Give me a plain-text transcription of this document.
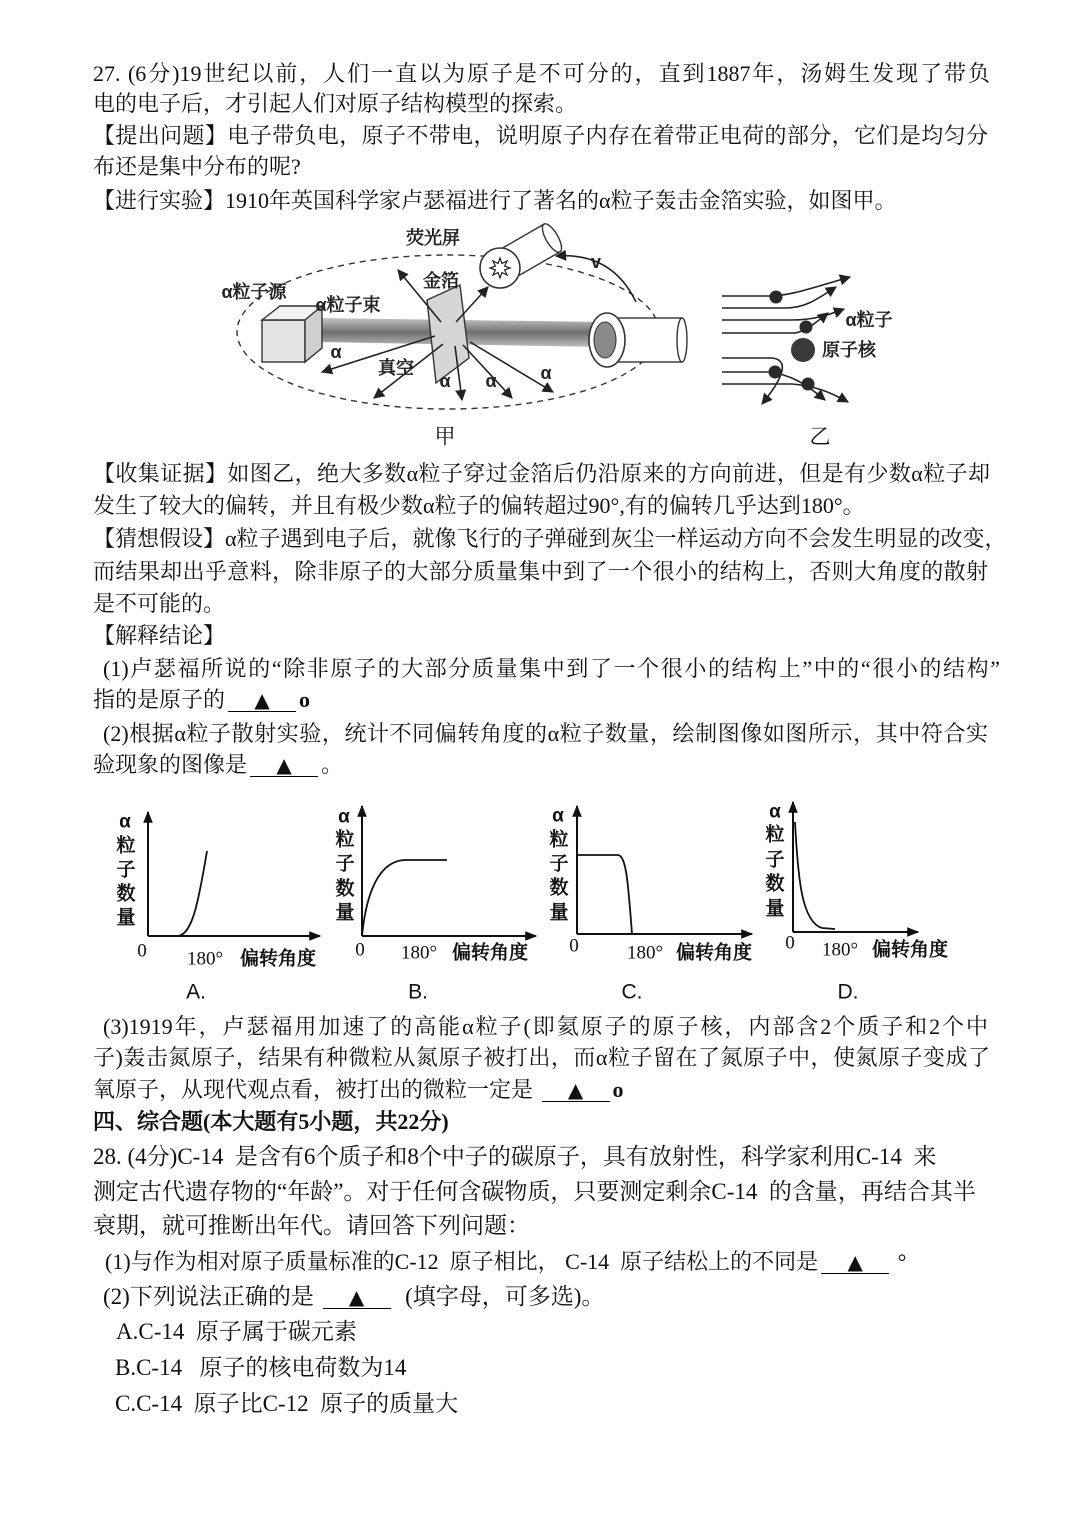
27. (6分)19世纪以前，人们一直以为原子是不可分的，直到1887年，汤姆生发现了带负
电的电子后，才引起人们对原子结构模型的探索。
【提出问题】电子带负电，原子不带电，说明原子内存在着带正电荷的部分，它们是均匀分
布还是集中分布的呢?
【进行实验】1910年英国科学家卢瑟福进行了著名的α粒子轰击金箔实验，如图甲。
【收集证据】如图乙，绝大多数α粒子穿过金箔后仍沿原来的方向前进，但是有少数α粒子却
发生了较大的偏转，并且有极少数α粒子的偏转超过90°,有的偏转几乎达到180°。
【猜想假设】α粒子遇到电子后，就像飞行的子弹碰到灰尘一样运动方向不会发生明显的改变，
而结果却出乎意料，除非原子的大部分质量集中到了一个很小的结构上，否则大角度的散射
是不可能的。
【解释结论】
(1)卢瑟福所说的“除非原子的大部分质量集中到了一个很小的结构上”中的“很小的结构”
指的是原子的 ▲ o
(2)根据α粒子散射实验，统计不同偏转角度的α粒子数量，绘制图像如图所示，其中符合实
验现象的图像是 ▲ 。
(3)1919年，卢瑟福用加速了的高能α粒子(即氦原子的原子核，内部含2个质子和2个中
子)轰击氮原子，结果有种微粒从氮原子被打出，而α粒子留在了氮原子中，使氮原子变成了
氧原子，从现代观点看，被打出的微粒一定是 ▲ o
四、综合题(本大题有5小题，共22分)
28. (4分)C-14  是含有6个质子和8个中子的碳原子，具有放射性，科学家利用C-14  来
测定古代遗存物的“年龄”。对于任何含碳物质，只要测定剩余C-14  的含量，再结合其半
衰期，就可推断出年代。请回答下列问题：
(1)与作为相对原子质量标准的C-12  原子相比， C-14  原子结松上的不同是 ▲ °
(2)下列说法正确的是 ▲  (填字母，可多选)。
A.C-14  原子属于碳元素
B.C-14   原子的核电荷数为14
C.C-14  原子比C-12  原子的质量大
荧光屏
α粒子源
金箔
α粒子束
v
α
真空
α α α
甲
α粒子
原子核
乙
α
粒
子
数
量
0 180° 偏转角度
A.
α
粒
子
数
量
0 180° 偏转角度
B.
α
粒
子
数
量
0	180° 偏转角度
C.
α
粒
子
数
量
0 180° 偏转角度
D.
